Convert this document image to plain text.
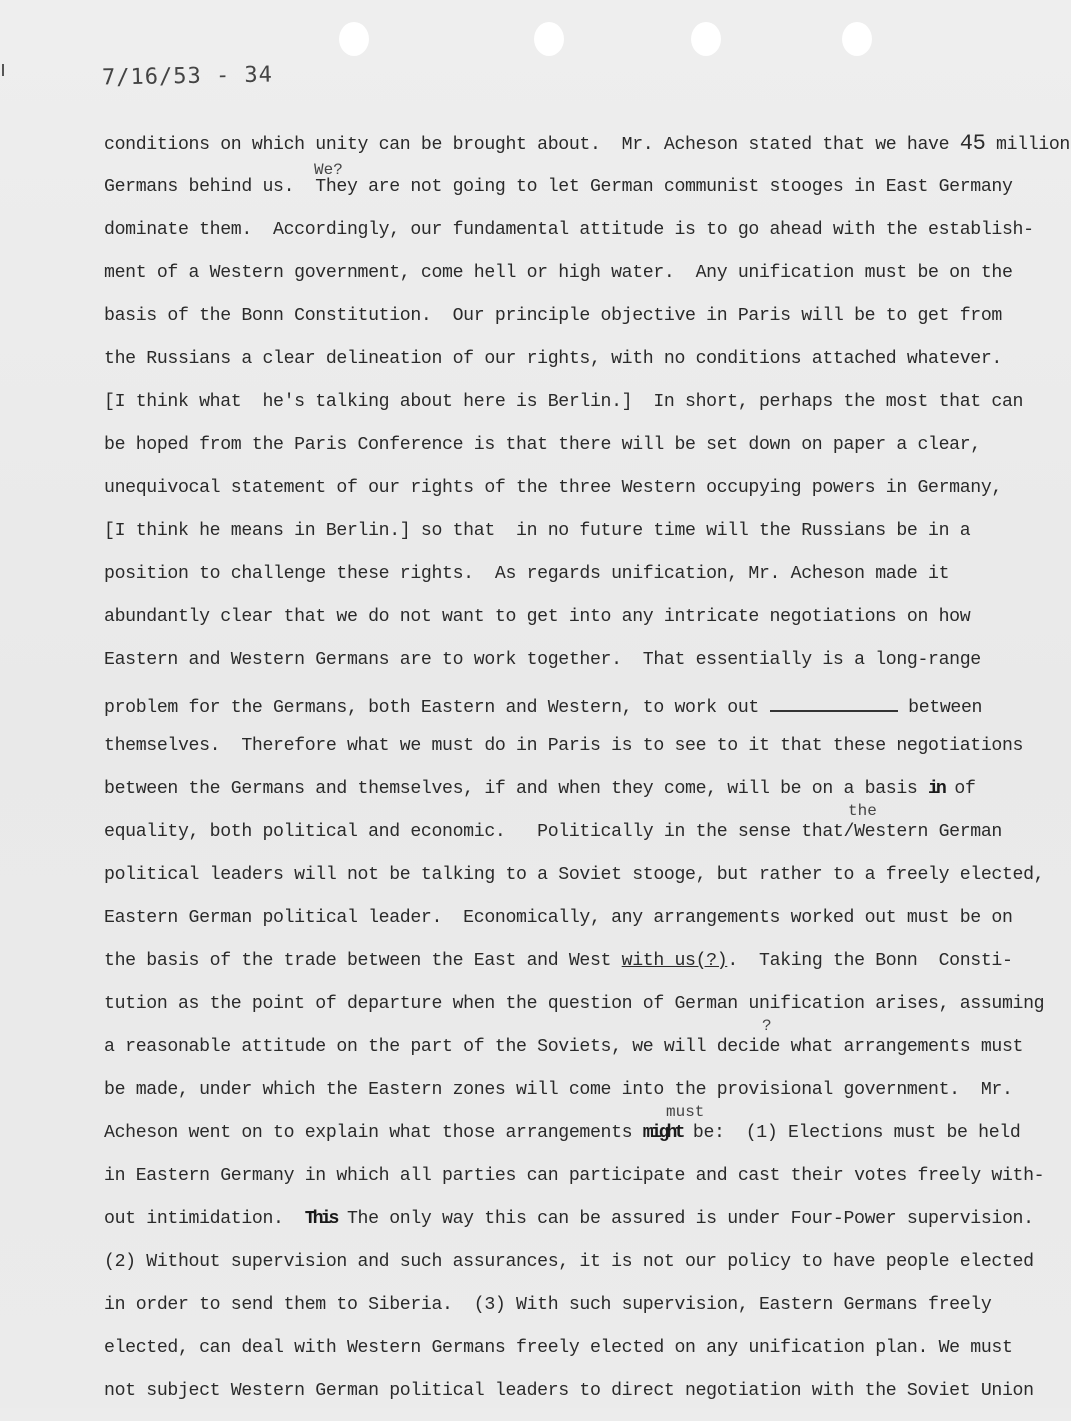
7/16/53 - 34
We?
the
?
must
conditions on which unity can be brought about.  Mr. Acheson stated that we have 45 million
Germans behind us.  They are not going to let German communist stooges in East Germany
dominate them.  Accordingly, our fundamental attitude is to go ahead with the establish-
ment of a Western government, come hell or high water.  Any unification must be on the
basis of the Bonn Constitution.  Our principle objective in Paris will be to get from
the Russians a clear delineation of our rights, with no conditions attached whatever.
[I think what  he's talking about here is Berlin.]  In short, perhaps the most that can
be hoped from the Paris Conference is that there will be set down on paper a clear,
unequivocal statement of our rights of the three Western occupying powers in Germany,
[I think he means in Berlin.] so that  in no future time will the Russians be in a
position to challenge these rights.  As regards unification, Mr. Acheson made it
abundantly clear that we do not want to get into any intricate negotiations on how
Eastern and Western Germans are to work together.  That essentially is a long-range
problem for the Germans, both Eastern and Western, to work out	between
themselves.  Therefore what we must do in Paris is to see to it that these negotiations
between the Germans and themselves, if and when they come, will be on a basis in of
equality, both political and economic.   Politically in the sense that/Western German
political leaders will not be talking to a Soviet stooge, but rather to a freely elected,
Eastern German political leader.  Economically, any arrangements worked out must be on
the basis of the trade between the East and West with us(?).  Taking the Bonn  Consti-
tution as the point of departure when the question of German unification arises, assuming
a reasonable attitude on the part of the Soviets, we will decide what arrangements must
be made, under which the Eastern zones will come into the provisional government.  Mr.
Acheson went on to explain what those arrangements might be:  (1) Elections must be held
in Eastern Germany in which all parties can participate and cast their votes freely with-
out intimidation.  This The only way this can be assured is under Four-Power supervision.
(2) Without supervision and such assurances, it is not our policy to have people elected
in order to send them to Siberia.  (3) With such supervision, Eastern Germans freely
elected, can deal with Western Germans freely elected on any unification plan. We must
not subject Western German political leaders to direct negotiation with the Soviet Union
